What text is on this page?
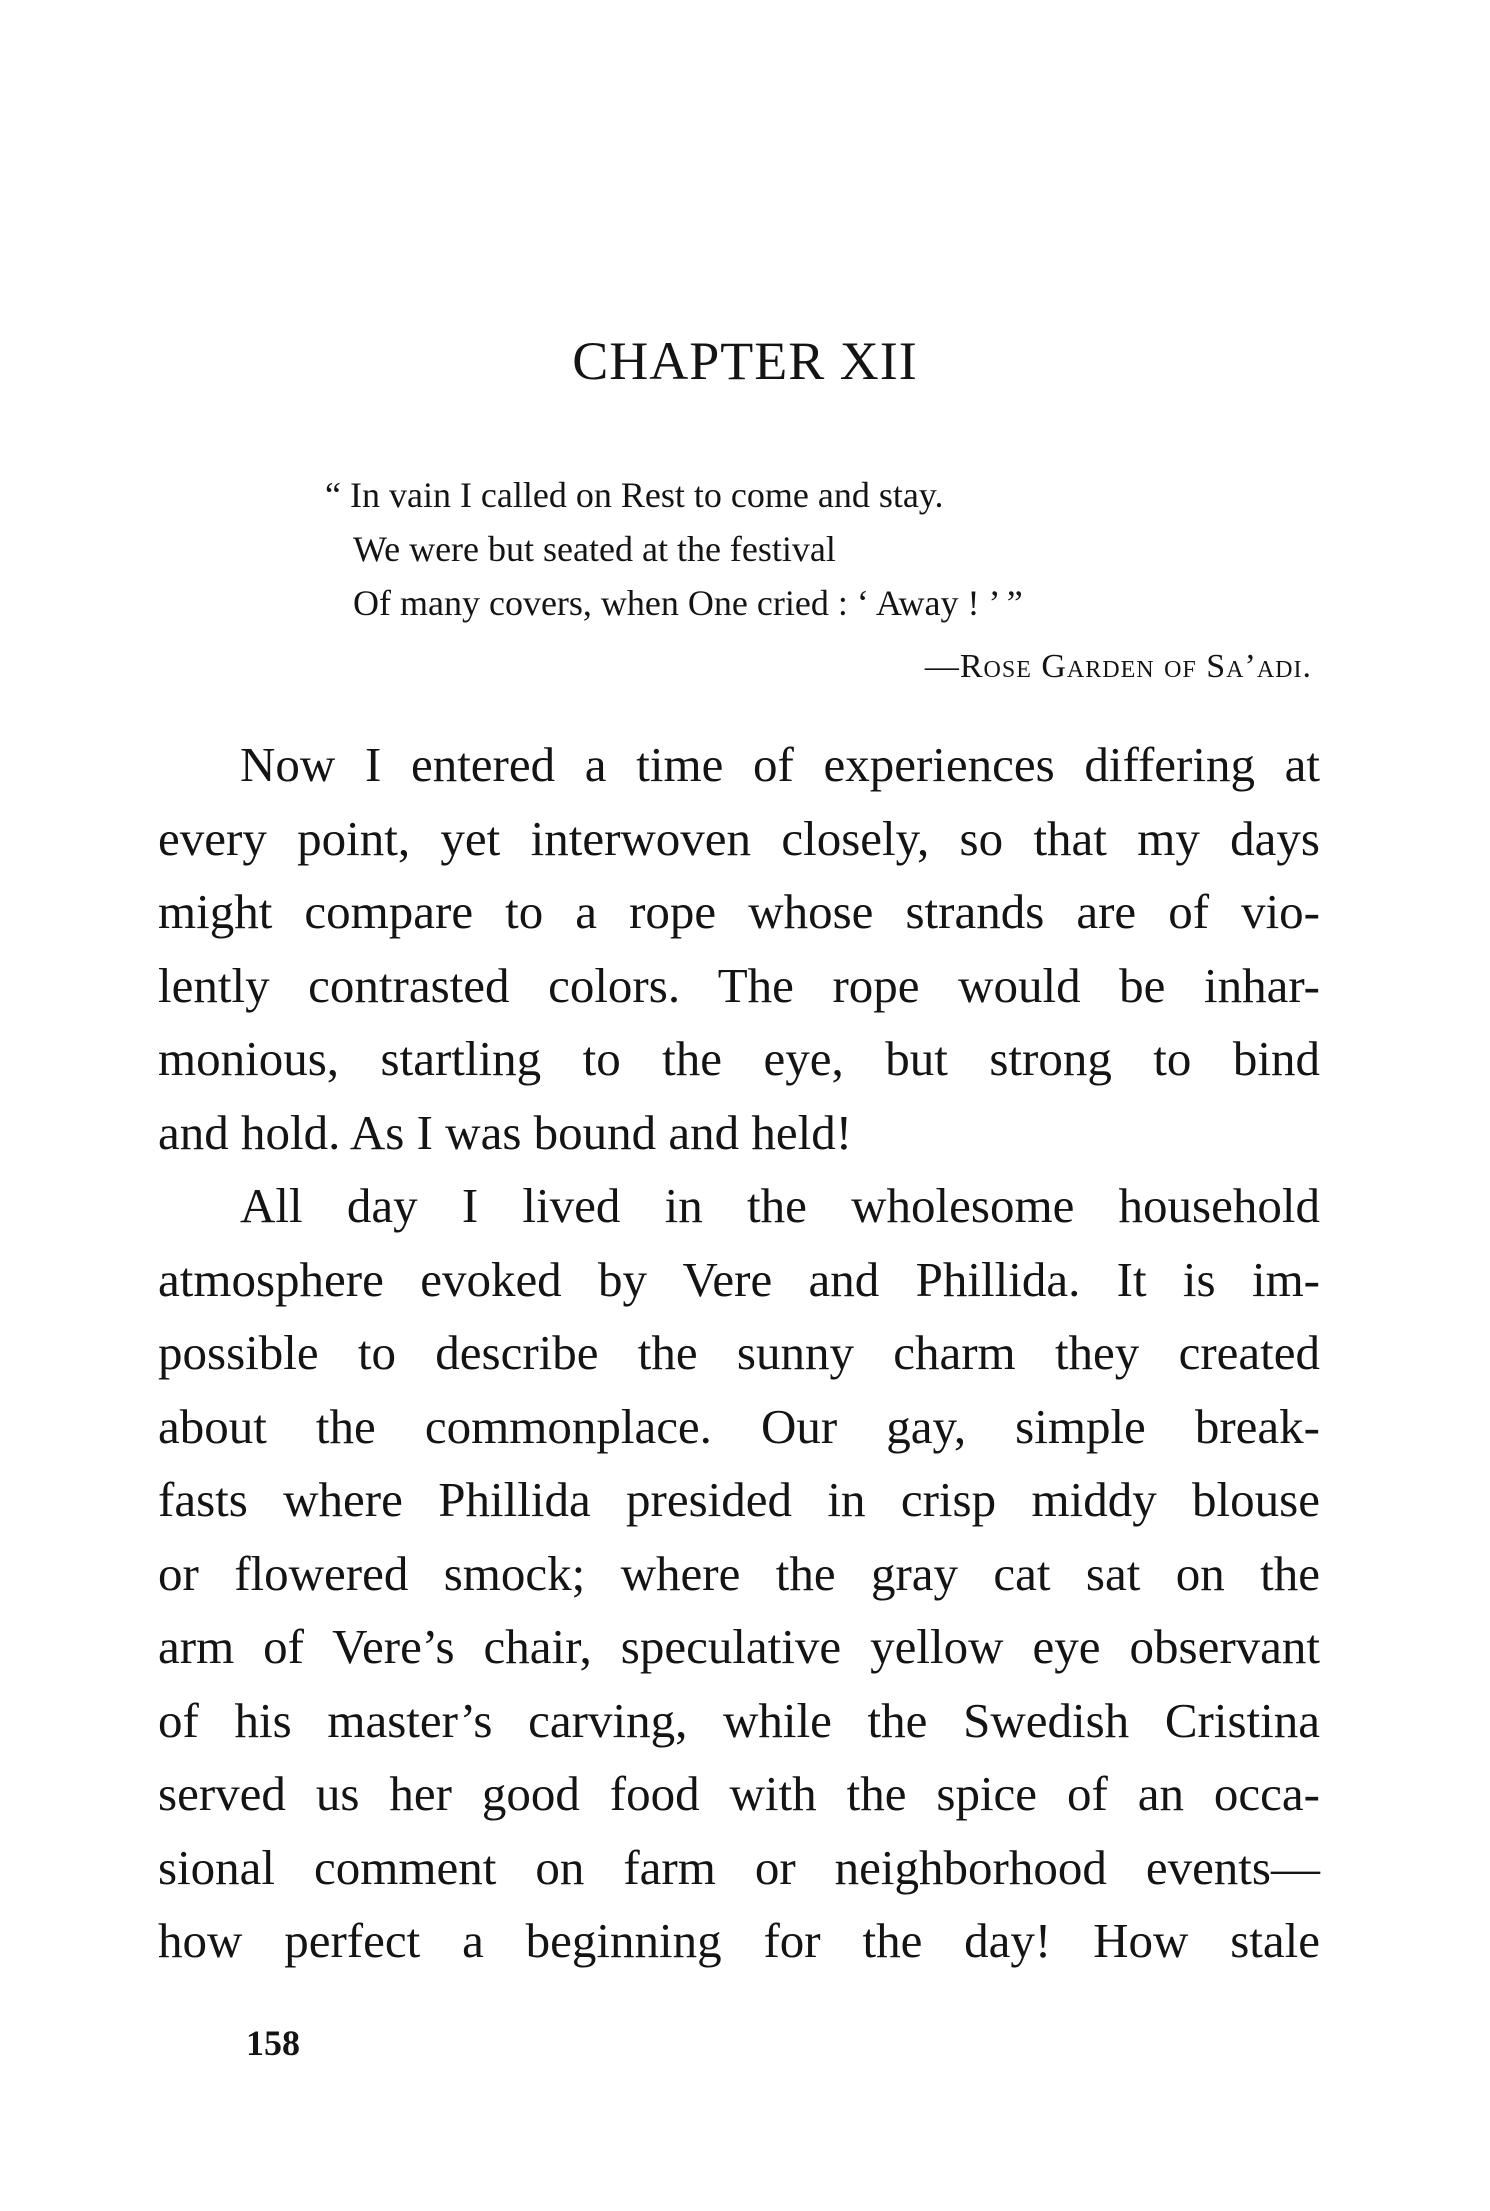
CHAPTER XII
“ In vain I called on Rest to come and stay.
We were but seated at the festival
Of many covers, when One cried : ‘ Away ! ’ ”
—Rose Garden of Sa’adi.
Now I entered a time of experiences differing at
every point, yet interwoven closely, so that my days
might compare to a rope whose strands are of vio-
lently contrasted colors. The rope would be inhar-
monious, startling to the eye, but strong to bind
and hold. As I was bound and held!
All day I lived in the wholesome household
atmosphere evoked by Vere and Phillida. It is im-
possible to describe the sunny charm they created
about the commonplace. Our gay, simple break-
fasts where Phillida presided in crisp middy blouse
or flowered smock; where the gray cat sat on the
arm of Vere’s chair, speculative yellow eye observant
of his master’s carving, while the Swedish Cristina
served us her good food with the spice of an occa-
sional comment on farm or neighborhood events—
how perfect a beginning for the day! How stale
158
